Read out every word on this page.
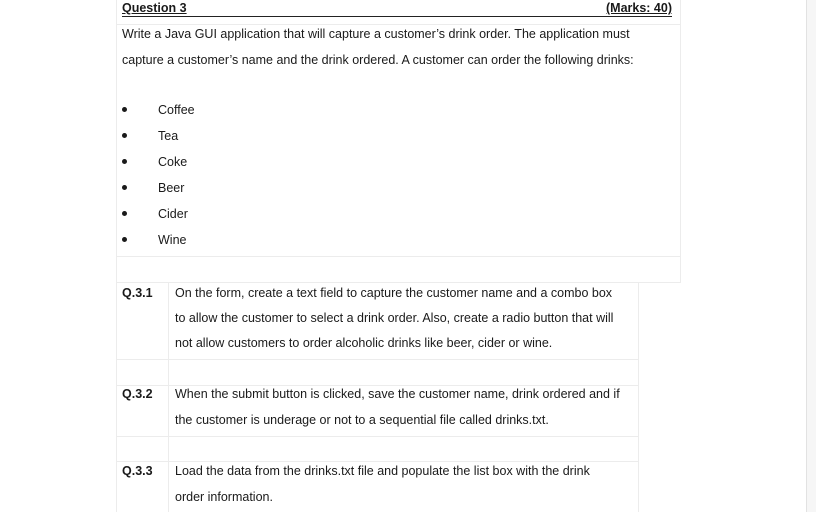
Question 3	(Marks: 40)
Write a Java GUI application that will capture a customer’s drink order. The application must
capture a customer’s name and the drink ordered. A customer can order the following drinks:
Coffee
Tea
Coke
Beer
Cider
Wine
Q.3.1 On the form, create a text field to capture the customer name and a combo box
to allow the customer to select a drink order. Also, create a radio button that will
not allow customers to order alcoholic drinks like beer, cider or wine.
Q.3.2 When the submit button is clicked, save the customer name, drink ordered and if
the customer is underage or not to a sequential file called drinks.txt.
Q.3.3 Load the data from the drinks.txt file and populate the list box with the drink
order information.
